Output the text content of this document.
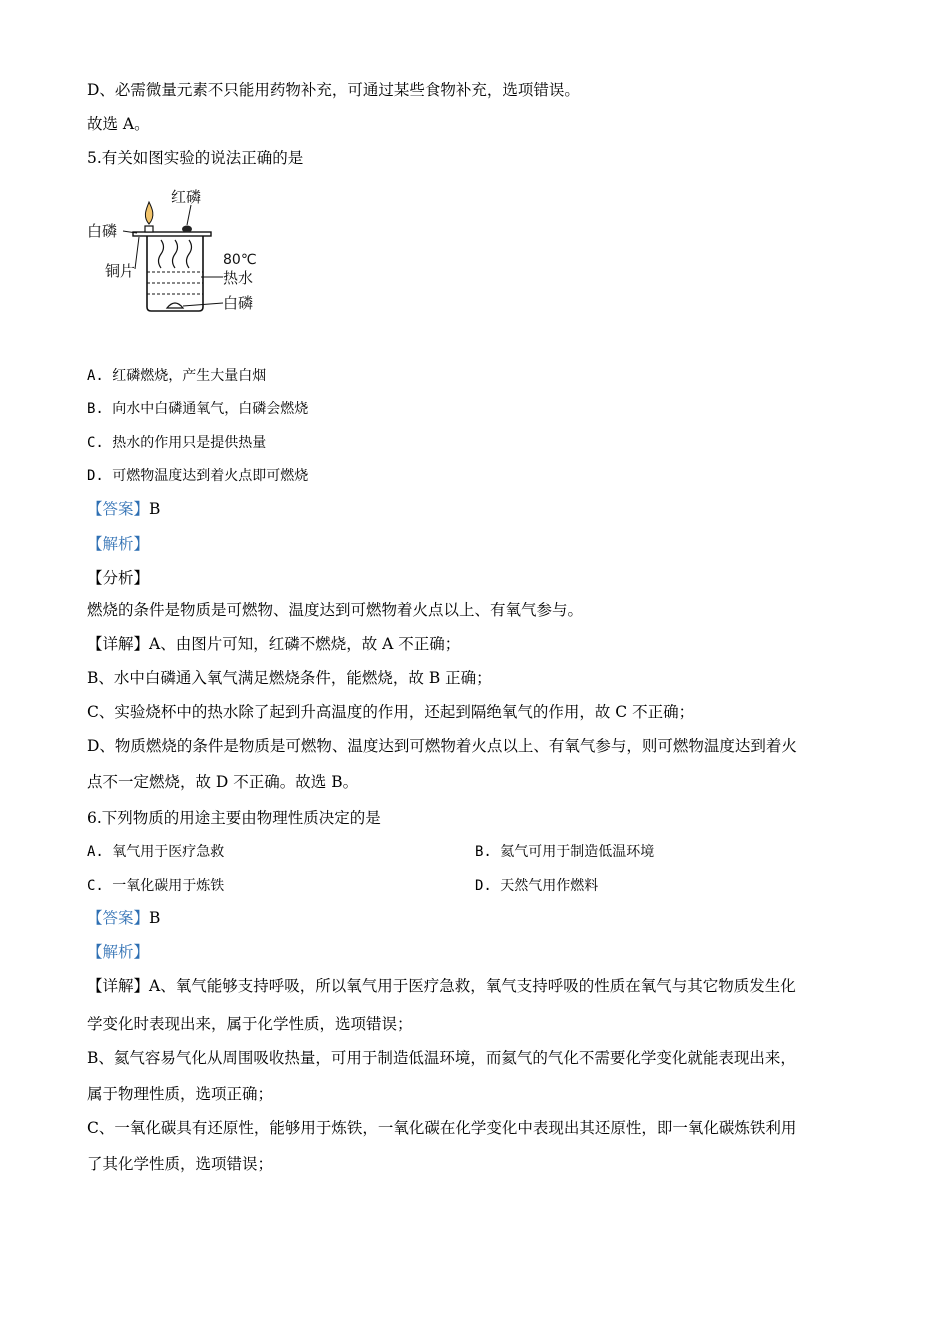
D、必需微量元素不只能用药物补充，可通过某些食物补充，选项错误。
故选 A。
5.有关如图实验的说法正确的是
红磷
白磷
铜片
80℃
热水
白磷
A. 红磷燃烧，产生大量白烟
B. 向水中白磷通氧气，白磷会燃烧
C. 热水的作用只是提供热量
D. 可燃物温度达到着火点即可燃烧
【答案】B
【解析】
【分析】
燃烧的条件是物质是可燃物、温度达到可燃物着火点以上、有氧气参与。
【详解】A、由图片可知，红磷不燃烧，故 A 不正确；
B、水中白磷通入氧气满足燃烧条件，能燃烧，故 B 正确；
C、实验烧杯中的热水除了起到升高温度的作用，还起到隔绝氧气的作用，故 C 不正确；
D、物质燃烧的条件是物质是可燃物、温度达到可燃物着火点以上、有氧气参与，则可燃物温度达到着火
点不一定燃烧，故 D 不正确。故选 B。
6.下列物质的用途主要由物理性质决定的是
A. 氧气用于医疗急救	B. 氦气可用于制造低温环境
C. 一氧化碳用于炼铁	D. 天然气用作燃料
【答案】B
【解析】
【详解】A、氧气能够支持呼吸，所以氧气用于医疗急救，氧气支持呼吸的性质在氧气与其它物质发生化
学变化时表现出来，属于化学性质，选项错误；
B、氦气容易气化从周围吸收热量，可用于制造低温环境，而氦气的气化不需要化学变化就能表现出来，
属于物理性质，选项正确；
C、一氧化碳具有还原性，能够用于炼铁，一氧化碳在化学变化中表现出其还原性，即一氧化碳炼铁利用
了其化学性质，选项错误；
